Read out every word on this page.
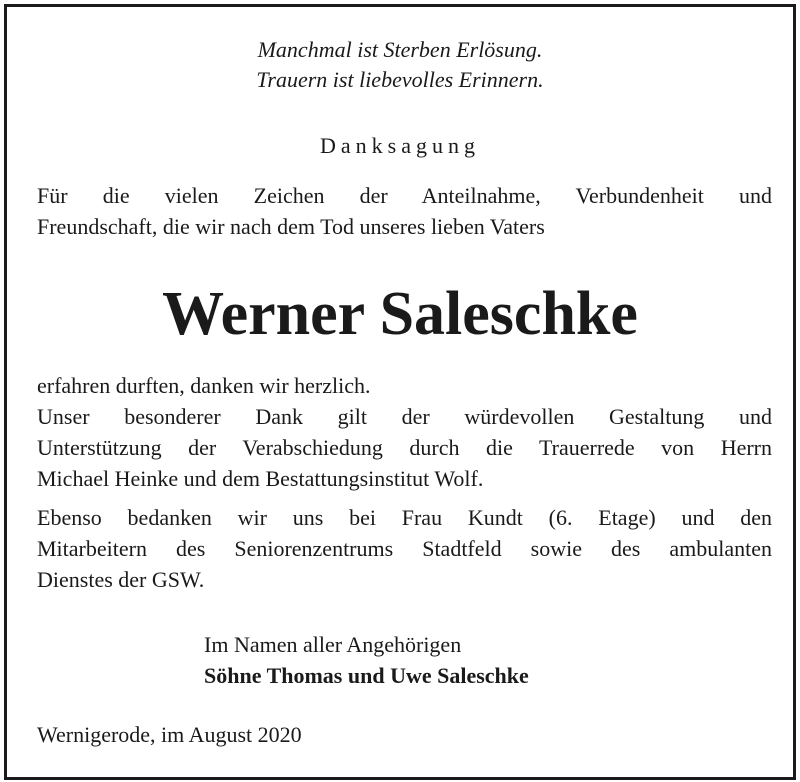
Manchmal ist Sterben Erlösung.
Trauern ist liebevolles Erinnern.
Danksagung
Für die vielen Zeichen der Anteilnahme, Verbundenheit und
Freundschaft, die wir nach dem Tod unseres lieben Vaters
Werner Saleschke
erfahren durften, danken wir herzlich.
Unser besonderer Dank gilt der würdevollen Gestaltung und
Unterstützung der Verabschiedung durch die Trauerrede von Herrn
Michael Heinke und dem Bestattungsinstitut Wolf.
Ebenso bedanken wir uns bei Frau Kundt (6. Etage) und den
Mitarbeitern des Seniorenzentrums Stadtfeld sowie des ambulanten
Dienstes der GSW.
Im Namen aller Angehörigen
Söhne Thomas und Uwe Saleschke
Wernigerode, im August 2020
